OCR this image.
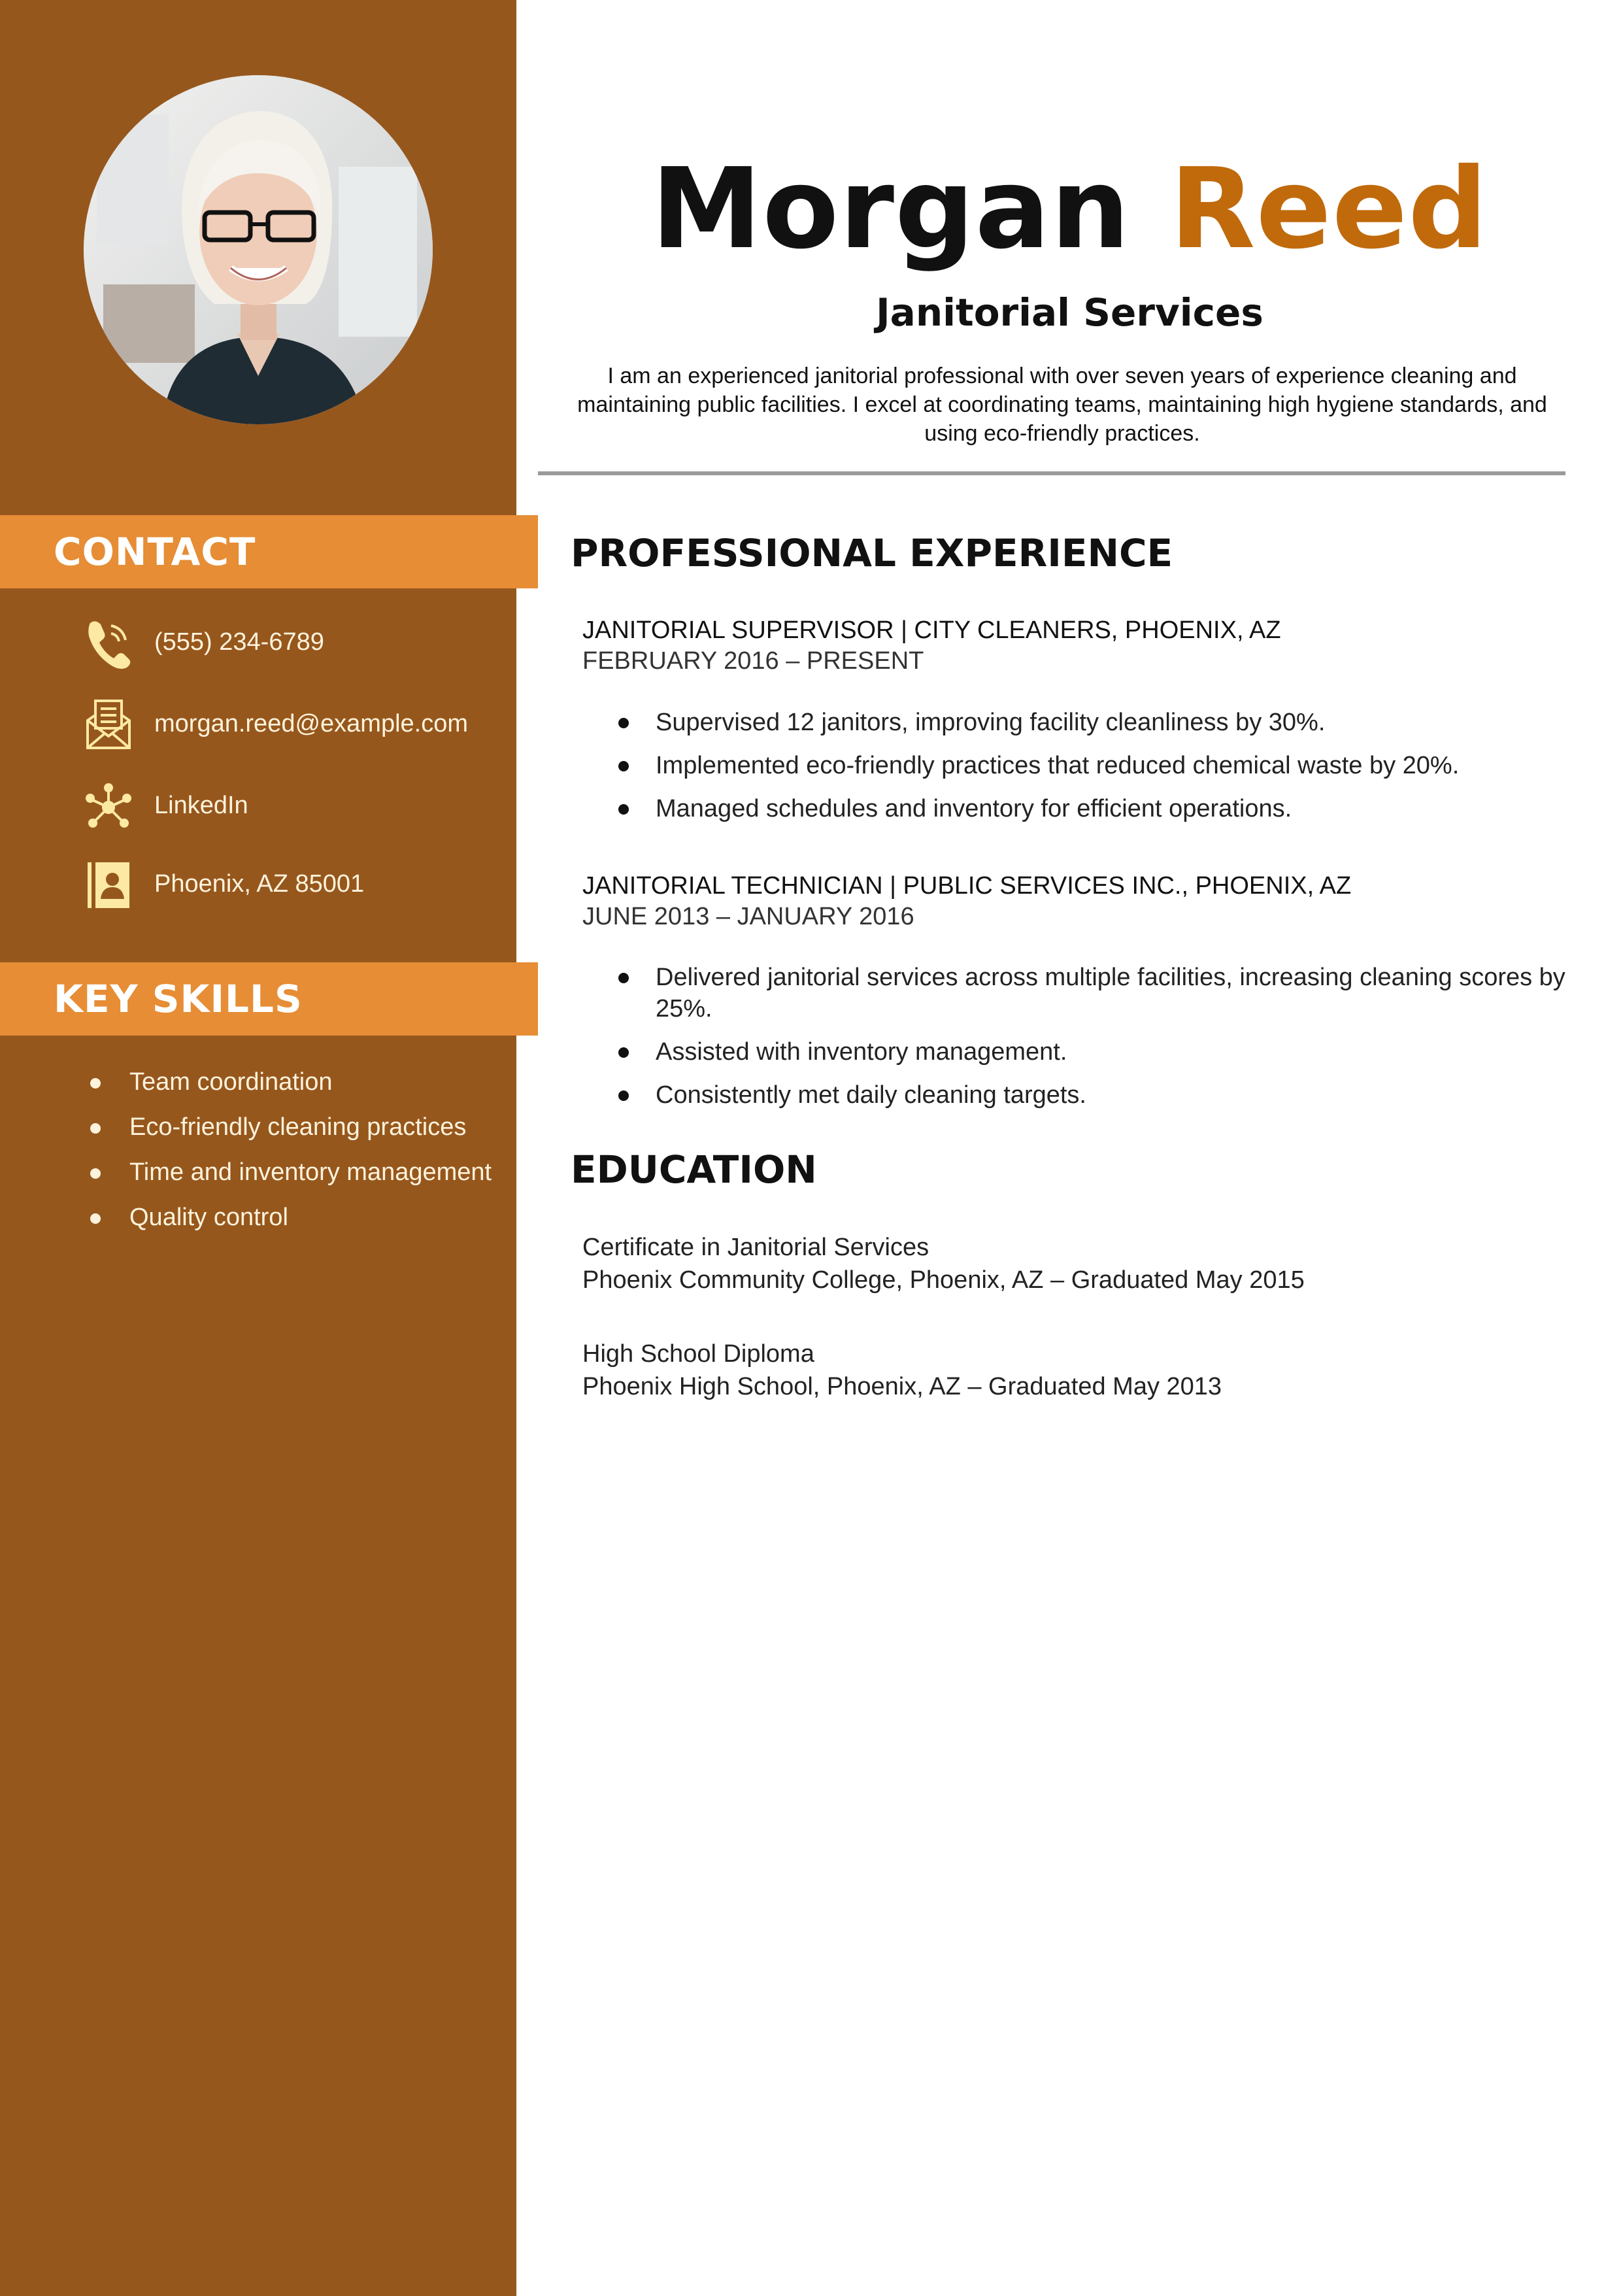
CONTACT
(555) 234-6789
morgan.reed@example.com
LinkedIn
Phoenix, AZ 85001
KEY SKILLS
Team coordination
Eco-friendly cleaning practices
Time and inventory management
Quality control
Morgan Reed
Janitorial Services
I am an experienced janitorial professional with over seven years of experience cleaning and maintaining public facilities. I excel at coordinating teams, maintaining high hygiene standards, and using eco-friendly practices.
PROFESSIONAL EXPERIENCE
JANITORIAL SUPERVISOR | CITY CLEANERS, PHOENIX, AZ
FEBRUARY 2016 – PRESENT
Supervised 12 janitors, improving facility cleanliness by 30%.
Implemented eco-friendly practices that reduced chemical waste by 20%.
Managed schedules and inventory for efficient operations.
JANITORIAL TECHNICIAN | PUBLIC SERVICES INC., PHOENIX, AZ
JUNE 2013 – JANUARY 2016
Delivered janitorial services across multiple facilities, increasing cleaning scores by 25%.
Assisted with inventory management.
Consistently met daily cleaning targets.
EDUCATION
Certificate in Janitorial Services
Phoenix Community College, Phoenix, AZ – Graduated May 2015
High School Diploma
Phoenix High School, Phoenix, AZ – Graduated May 2013
